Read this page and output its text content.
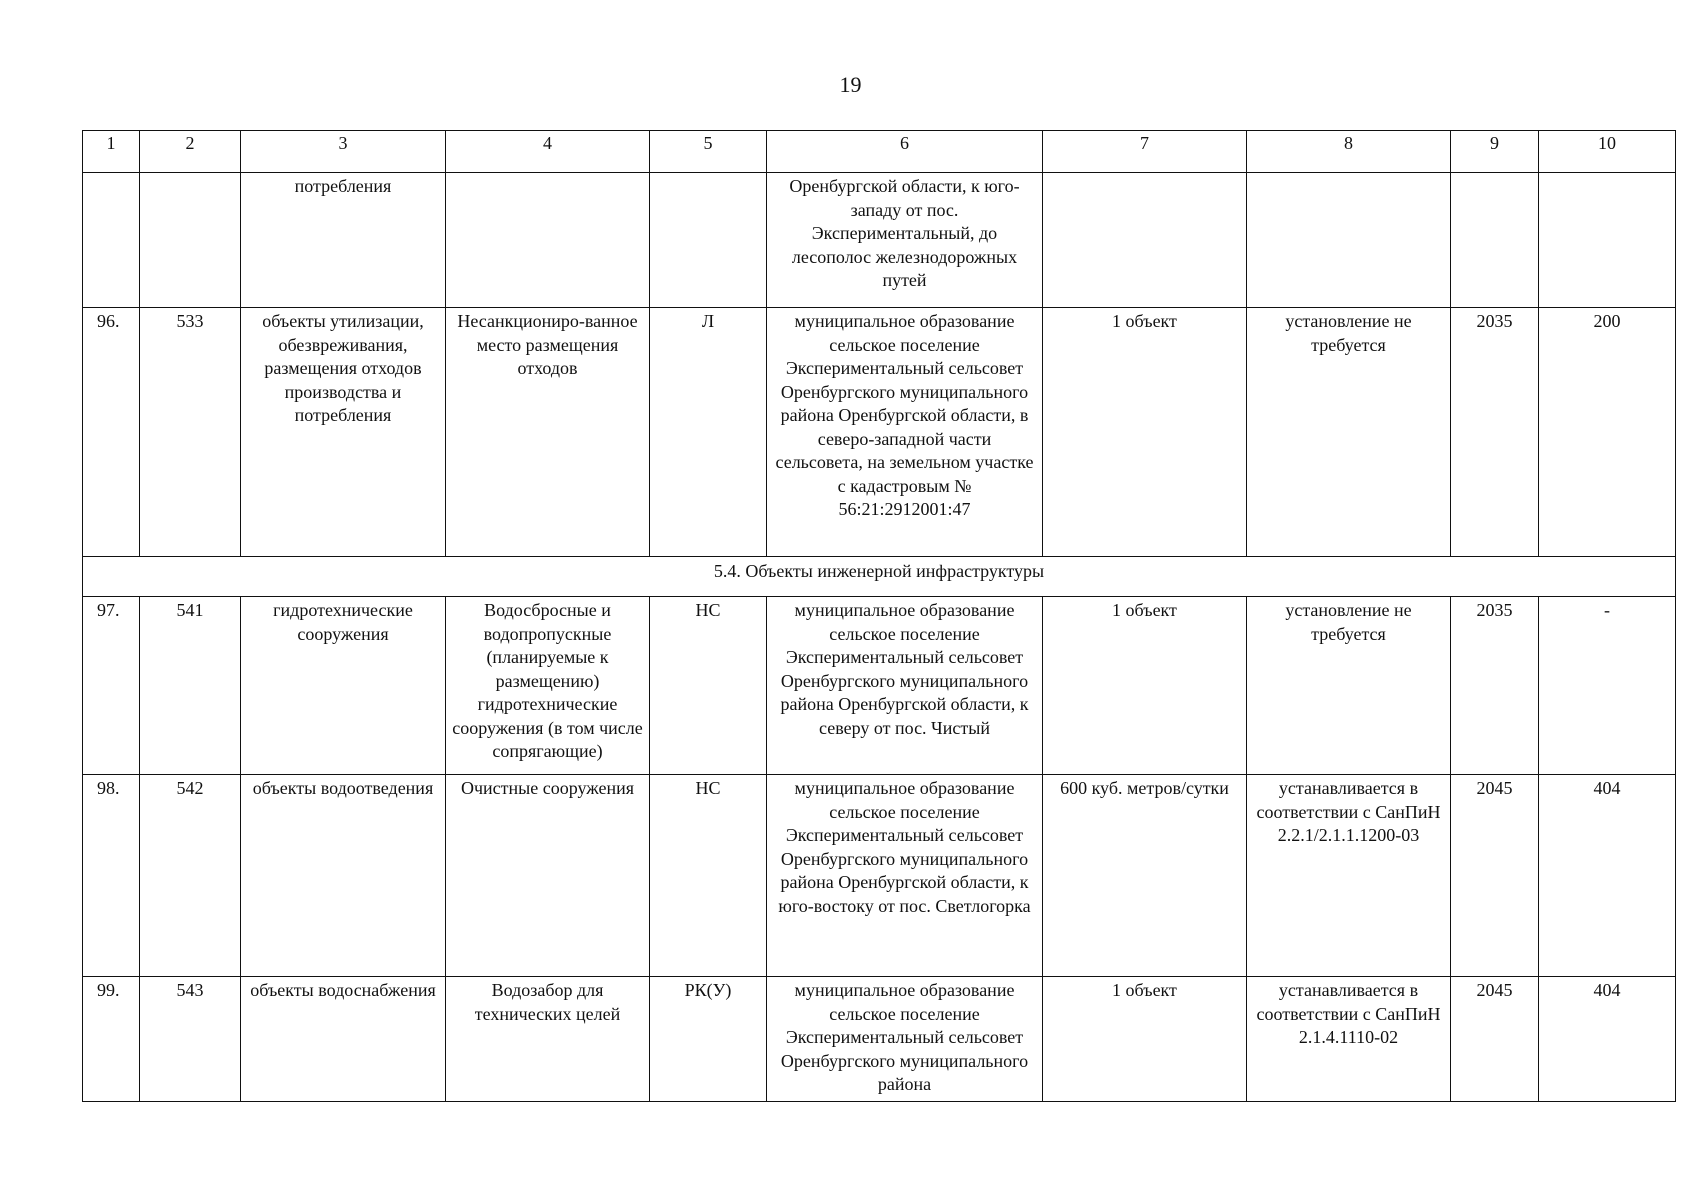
19
1	2	3	4	5	6	7	8	9	10
		потребления			Оренбургской области, к юго-западу от пос. Экспериментальный, до лесополос железнодорожных путей				
96.	533	объекты утилизации, обезвреживания, размещения отходов производства и потребления	Несанкциониро-ванное место размещения отходов	Л	муниципальное образование сельское поселение Экспериментальный сельсовет Оренбургского муниципального района Оренбургской области, в северо-западной части сельсовета, на земельном участке с кадастровым № 56:21:2912001:47	1 объект	установление не требуется	2035	200
5.4. Объекты инженерной инфраструктуры									
97.	541	гидротехнические сооружения	Водосбросные и водопропускные (планируемые к размещению) гидротехнические сооружения (в том числе сопрягающие)	НС	муниципальное образование сельское поселение Экспериментальный сельсовет Оренбургского муниципального района Оренбургской области, к северу от пос. Чистый	1 объект	установление не требуется	2035	-
98.	542	объекты водоотведения	Очистные сооружения	НС	муниципальное образование сельское поселение Экспериментальный сельсовет Оренбургского муниципального района Оренбургской области, к юго-востоку от пос. Светлогорка	600 куб. метров/сутки	устанавливается в соответствии с СанПиН 2.2.1/2.1.1.1200-03	2045	404
99.	543	объекты водоснабжения	Водозабор для технических целей	РК(У)	муниципальное образование сельское поселение Экспериментальный сельсовет Оренбургского муниципального района	1 объект	устанавливается в соответствии с СанПиН 2.1.4.1110-02	2045	404
